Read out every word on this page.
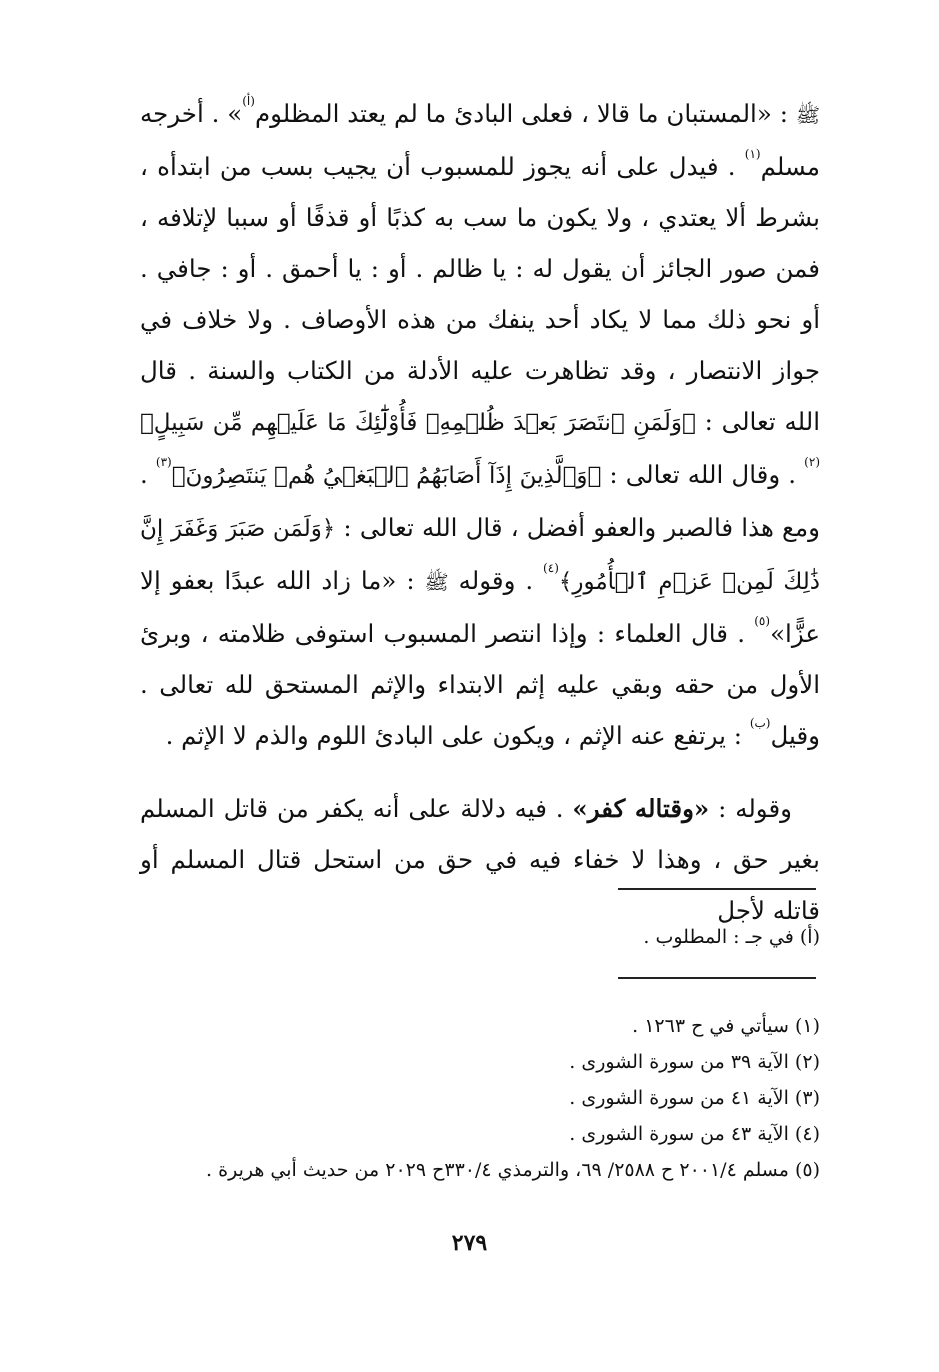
ﷺ : «المستبان ما قالا ، فعلى البادئ ما لم يعتد المظلوم$^{(أ)}$» . أخرجه مسلم$^{(١)}$ . فيدل على أنه يجوز للمسبوب أن يجيب بسب من ابتدأه ، بشرط ألا يعتدي ، ولا يكون ما سب به كذبًا أو قذفًا أو سببا لإتلافه ، فمن صور الجائز أن يقول له : يا ظالم . أو : يا أحمق . أو : جافي . أو نحو ذلك مما لا يكاد أحد ينفك من هذه الأوصاف . ولا خلاف في جواز الانتصار ، وقد تظاهرت عليه الأدلة من الكتاب والسنة . قال الله تعالى : ﴿وَلَمَنِ ٱنتَصَرَ بَعۡدَ ظُلۡمِهِۦ فَأُوْلَٰٓئِكَ مَا عَلَيۡهِم مِّن سَبِيلٍ﴾$^{(٢)}$ . وقال الله تعالى : ﴿وَٱلَّذِينَ إِذَآ أَصَابَهُمُ ٱلۡبَغۡيُ هُمۡ يَنتَصِرُونَ﴾$^{(٣)}$ . ومع هذا فالصبر والعفو أفضل ، قال الله تعالى : ﴿وَلَمَن صَبَرَ وَغَفَرَ إِنَّ ذَٰلِكَ لَمِنۡ عَزۡمِ ٱلۡأُمُورِ﴾$^{(٤)}$ . وقوله ﷺ : «ما زاد الله عبدًا بعفو إلا عزًّا»$^{(٥)}$ . قال العلماء : وإذا انتصر المسبوب استوفى ظلامته ، وبرئ الأول من حقه وبقي عليه إثم الابتداء والإثم المستحق لله تعالى . وقيل$^{(ب)}$ : يرتفع عنه الإثم ، ويكون على البادئ اللوم والذم لا الإثم .

وقوله : «وقتاله كفر» . فيه دلالة على أنه يكفر من قاتل المسلم بغير حق ، وهذا لا خفاء فيه في حق من استحل قتال المسلم أو قاتله لأجل

(أ) في جـ : المطلوب .
(١) سيأتي في ح ١٢٦٣ .
(٢) الآية ٣٩ من سورة الشورى .
(٣) الآية ٤١ من سورة الشورى .
(٤) الآية ٤٣ من سورة الشورى .
(٥) مسلم ٢٠٠١/٤ ح ٢٥٨٨/ ٦٩، والترمذي ٣٣٠/٤ح ٢٠٢٩ من حديث أبي هريرة .
٢٧٩
